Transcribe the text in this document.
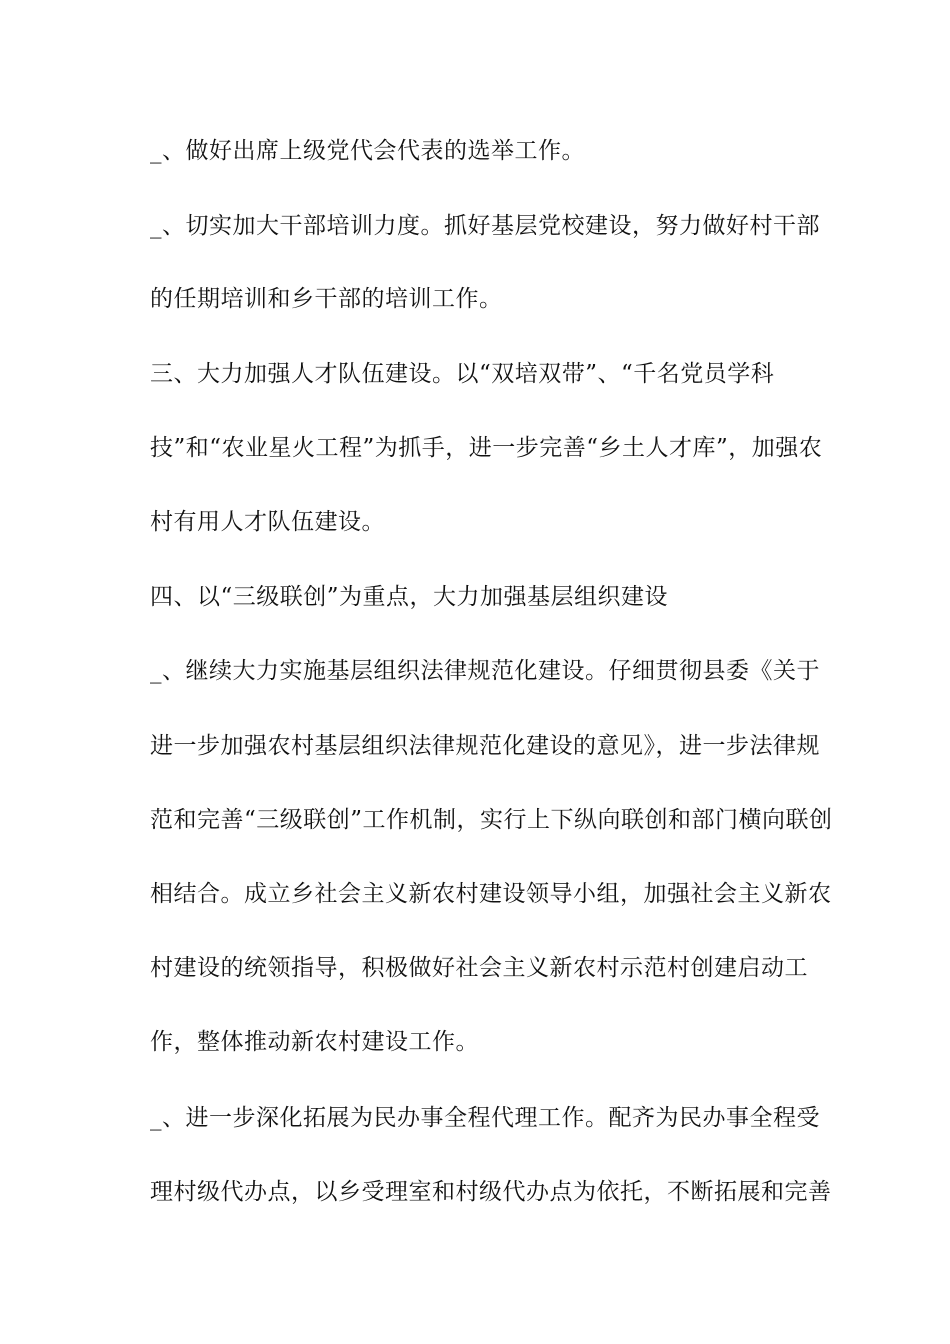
_、做好出席上级党代会代表的选举工作。
_、切实加大干部培训力度。抓好基层党校建设，努力做好村干部
的任期培训和乡干部的培训工作。
三、大力加强人才队伍建设。以“双培双带”、“千名党员学科
技”和“农业星火工程”为抓手，进一步完善“乡土人才库”，加强农
村有用人才队伍建设。
四、以“三级联创”为重点，大力加强基层组织建设
_、继续大力实施基层组织法律规范化建设。仔细贯彻县委《关于
进一步加强农村基层组织法律规范化建设的意见》，进一步法律规
范和完善“三级联创”工作机制，实行上下纵向联创和部门横向联创
相结合。成立乡社会主义新农村建设领导小组，加强社会主义新农
村建设的统领指导，积极做好社会主义新农村示范村创建启动工
作，整体推动新农村建设工作。
_、进一步深化拓展为民办事全程代理工作。配齐为民办事全程受
理村级代办点，以乡受理室和村级代办点为依托，不断拓展和完善
